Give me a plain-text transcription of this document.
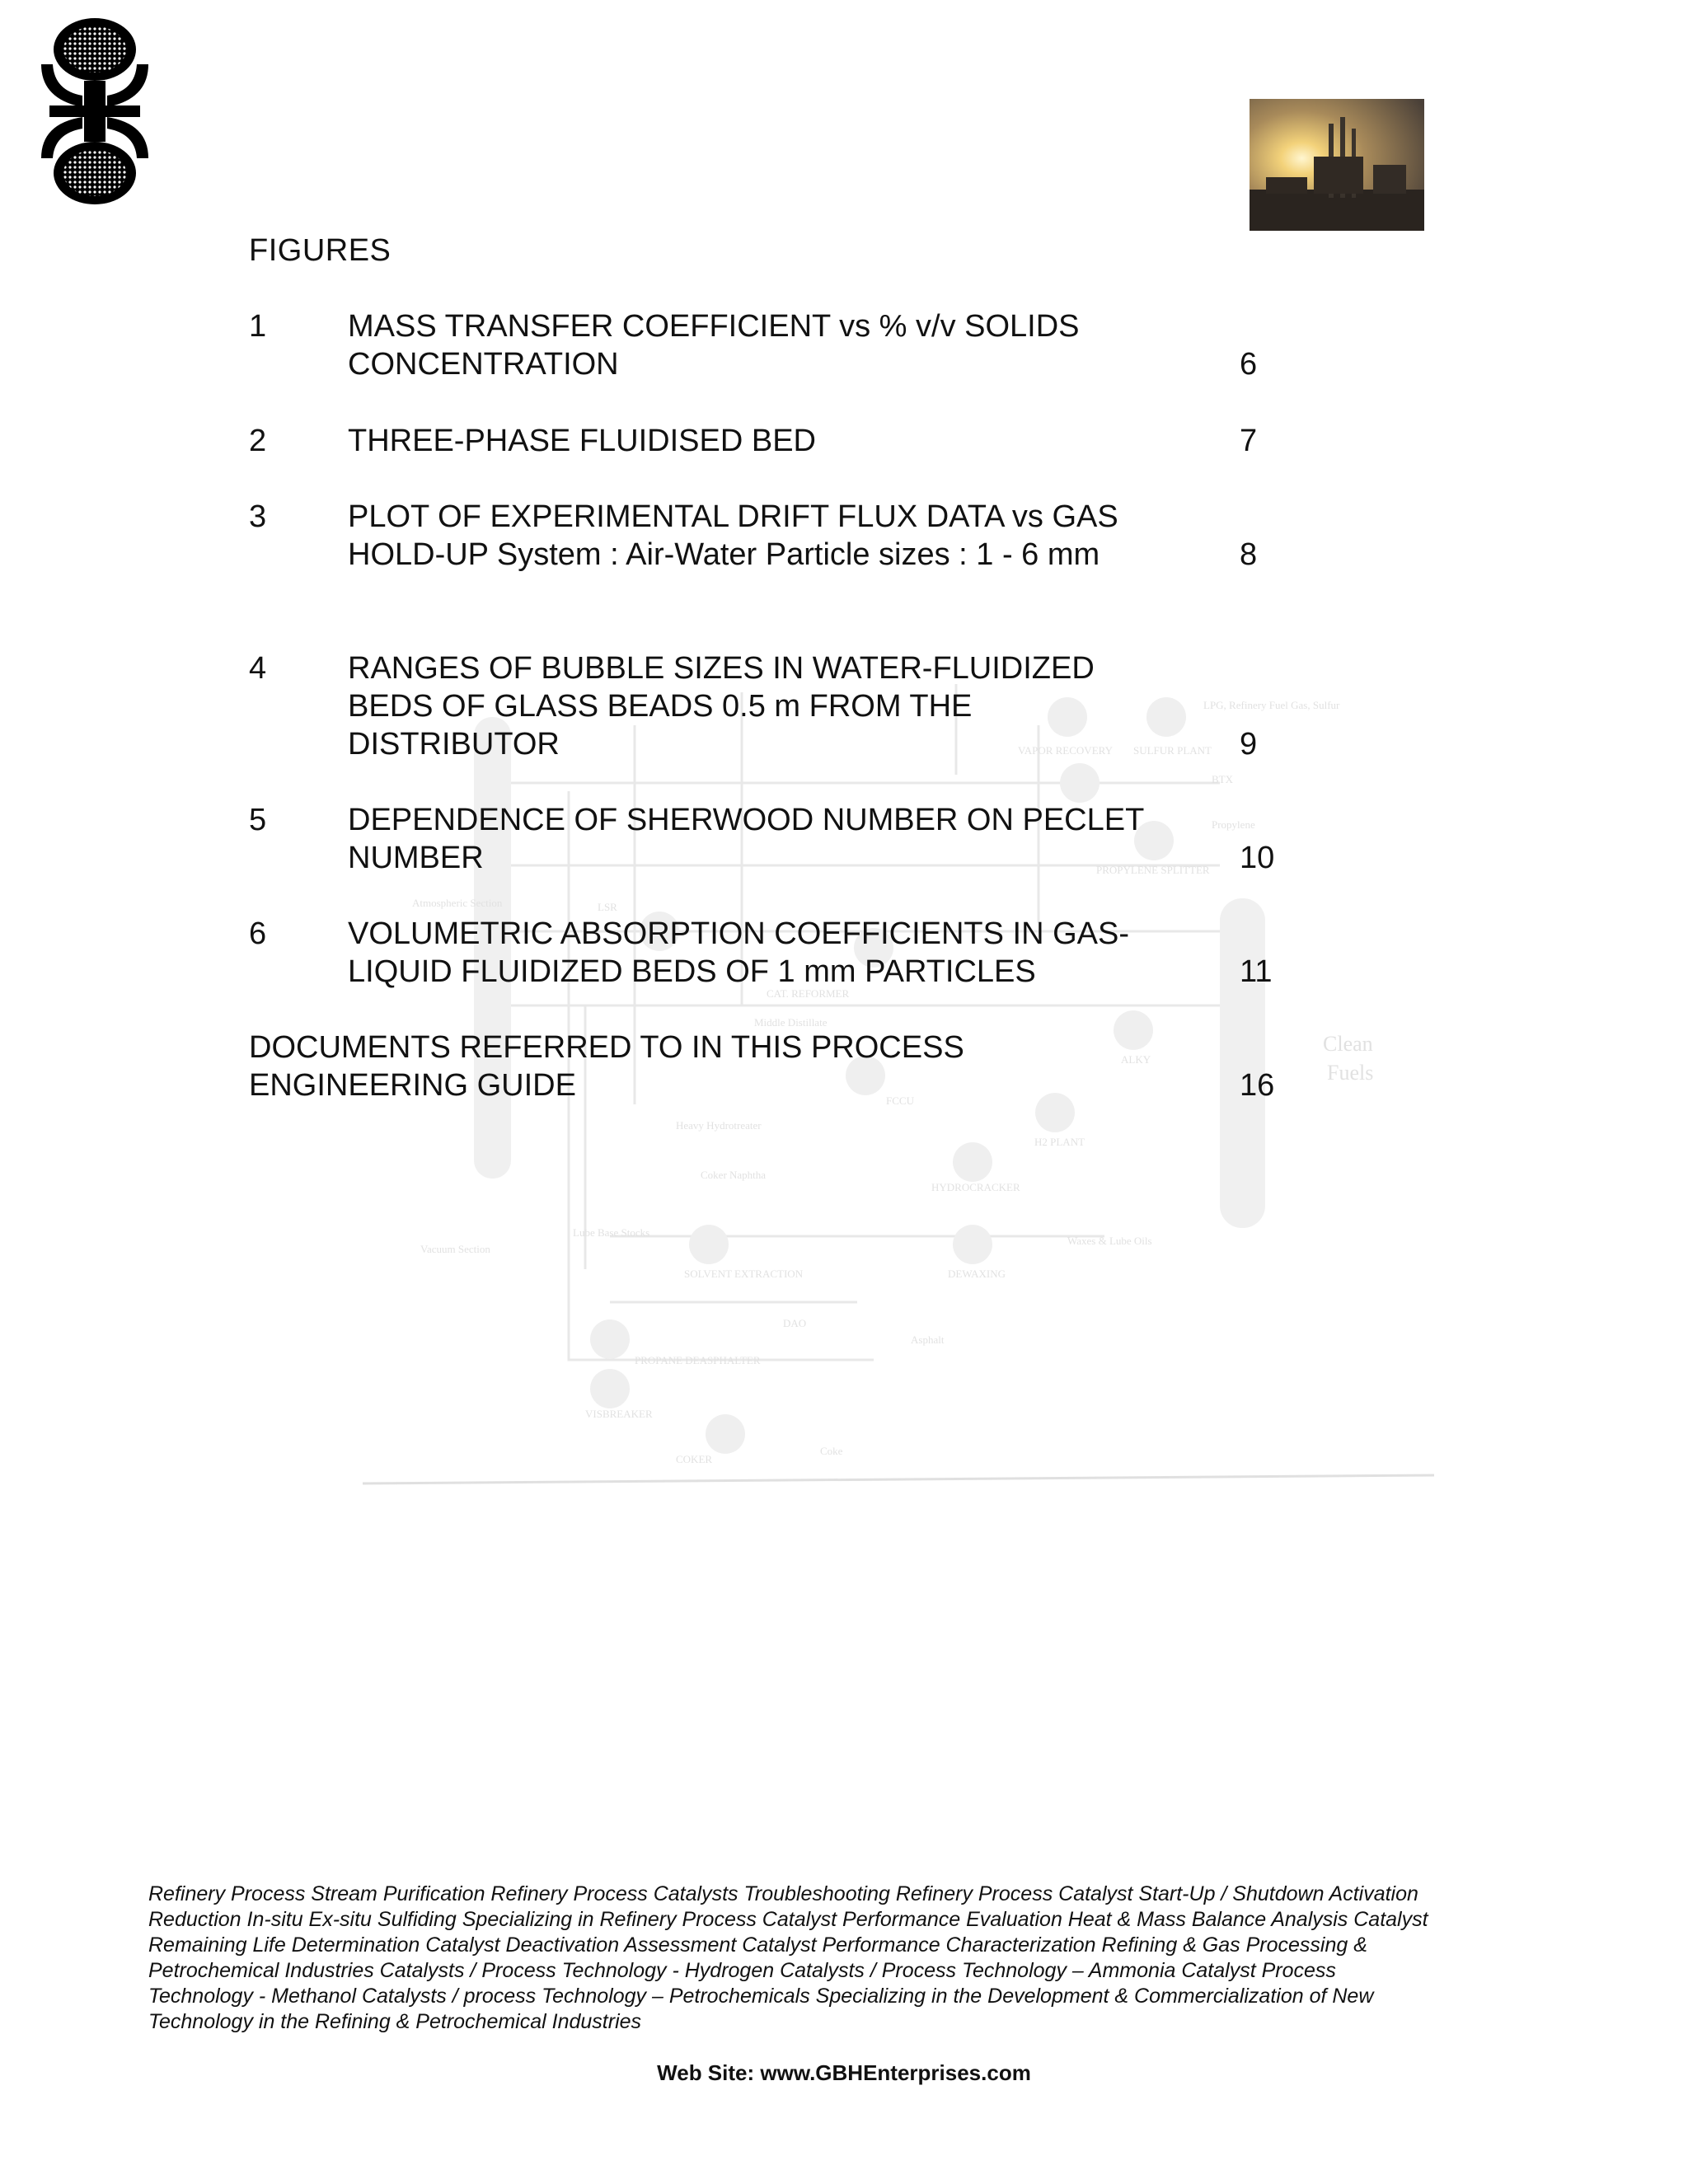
LPG, Refinery Fuel Gas, Sulfur
VAPOR RECOVERY SULFUR PLANT
BTX
Propylene
PROPYLENE SPLITTER
Atmospheric Section	LSR
CAT. REFORMER
Middle Distillate
ALKY
Clean
Fuels
FCCU
H2 PLANT
Heavy Hydrotreater
Coker Naphtha
HYDROCRACKER
Lube Base Stocks
SOLVENT EXTRACTION	DEWAXING
Waxes & Lube Oils
Vacuum Section
DAO
Asphalt
PROPANE DEASPHALTER
VISBREAKER
COKER
Coke
FIGURES
1	MASS TRANSFER COEFFICIENT vs % v/v SOLIDS CONCENTRATION	6
2	THREE-PHASE FLUIDISED BED	7
3	PLOT OF EXPERIMENTAL DRIFT FLUX DATA vs GAS HOLD-UP System : Air-Water Particle sizes : 1 - 6 mm	8
4	RANGES OF BUBBLE SIZES IN WATER-FLUIDIZED BEDS OF GLASS BEADS 0.5 m FROM THE DISTRIBUTOR	9
5	DEPENDENCE OF SHERWOOD NUMBER ON PECLET NUMBER	10
6	VOLUMETRIC ABSORPTION COEFFICIENTS IN GAS-LIQUID FLUIDIZED BEDS OF 1 mm PARTICLES	11
DOCUMENTS REFERRED TO IN THIS PROCESS ENGINEERING GUIDE	16
Refinery Process Stream Purification Refinery Process Catalysts Troubleshooting Refinery Process Catalyst Start-Up / Shutdown Activation Reduction In-situ Ex-situ Sulfiding Specializing in Refinery Process Catalyst Performance Evaluation Heat & Mass Balance Analysis Catalyst Remaining Life Determination Catalyst Deactivation Assessment Catalyst Performance Characterization Refining & Gas Processing & Petrochemical Industries Catalysts / Process Technology - Hydrogen Catalysts / Process Technology – Ammonia Catalyst Process Technology - Methanol Catalysts / process Technology – Petrochemicals Specializing in the Development & Commercialization of New Technology in the Refining & Petrochemical Industries
Web Site: www.GBHEnterprises.com
